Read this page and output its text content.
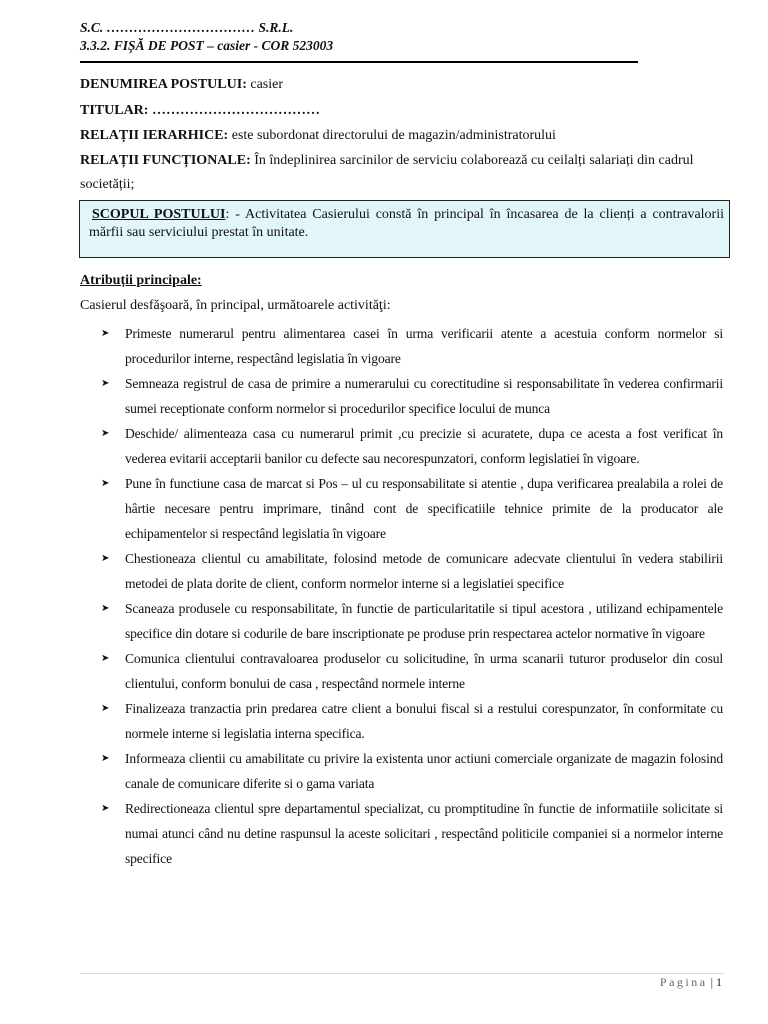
S.C. …………………………… S.R.L.
3.3.2. FIȘĂ DE POST – casier - COR 523003
DENUMIREA POSTULUI: casier
TITULAR: ………………………………
RELAȚII IERARHICE: este subordonat directorului de magazin/administratorului
RELAȚII FUNCȚIONALE: În îndeplinirea sarcinilor de serviciu colaborează cu ceilalți salariați din cadrul
societății;
SCOPUL POSTULUI: - Activitatea Casierului constă în principal în încasarea de la clienți a contravalorii mărfii sau serviciului prestat în unitate.
Atribuții principale:
Casierul desfăşoară, în principal, următoarele activităţi:
➤ Primeste numerarul pentru alimentarea casei în urma verificarii atente a acestuia conform normelor si procedurilor interne, respectând legislatia în vigoare
➤ Semneaza registrul de casa de primire a numerarului cu corectitudine si responsabilitate în vederea confirmarii sumei receptionate conform normelor si procedurilor specifice locului de munca
➤ Deschide/ alimenteaza casa cu numerarul primit ,cu precizie si acuratete, dupa ce acesta a fost verificat în vederea evitarii acceptarii banilor cu defecte sau necorespunzatori, conform legislatiei în vigoare.
➤ Pune în functiune casa de marcat si Pos – ul cu responsabilitate si atentie , dupa verificarea prealabila a rolei de hârtie necesare pentru imprimare, tinând cont de specificatiile tehnice primite de la producator ale echipamentelor si respectând legislatia în vigoare
➤ Chestioneaza clientul cu amabilitate, folosind metode de comunicare adecvate clientului în vedera stabilirii metodei de plata dorite de client, conform normelor interne si a legislatiei specifice
➤ Scaneaza produsele cu responsabilitate, în functie de particularitatile si tipul acestora , utilizand echipamentele specifice din dotare si codurile de bare inscriptionate pe produse prin respectarea actelor normative în vigoare
➤ Comunica clientului contravaloarea produselor cu solicitudine, în urma scanarii tuturor produselor din cosul clientului, conform bonului de casa , respectând normele interne
➤ Finalizeaza tranzactia prin predarea catre client a bonului fiscal si a restului corespunzator, în conformitate cu normele interne si legislatia interna specifica.
➤ Informeaza clientii cu amabilitate cu privire la existenta unor actiuni comerciale organizate de magazin folosind canale de comunicare diferite si o gama variata
➤ Redirectioneaza clientul spre departamentul specializat, cu promptitudine în functie de informatiile solicitate si numai atunci când nu detine raspunsul la aceste solicitari , respectând politicile companiei si a normelor interne specifice
Pagina | 1
